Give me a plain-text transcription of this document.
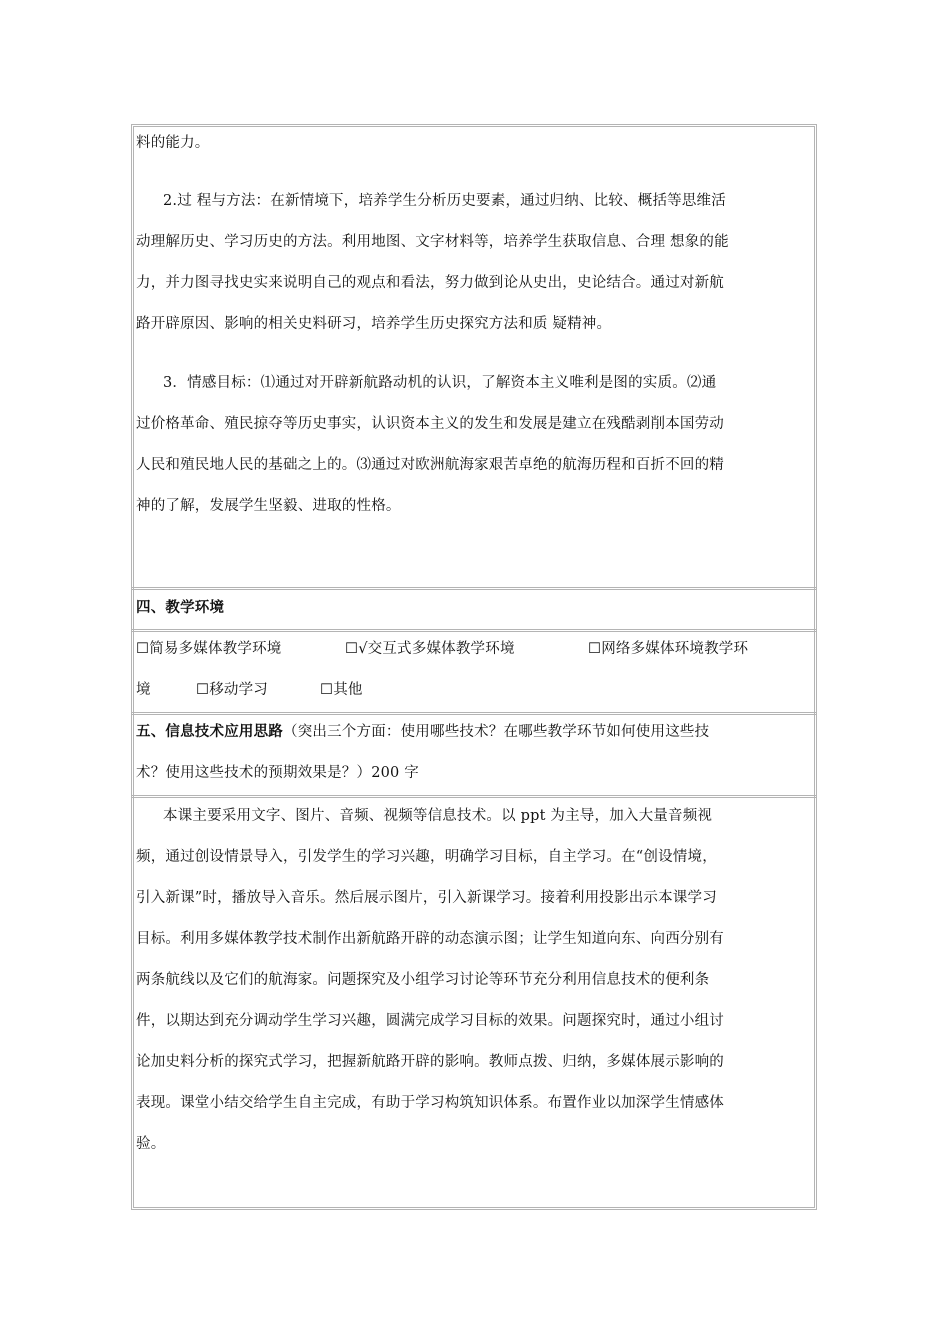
料的能力。
2.过 程与方法：在新情境下，培养学生分析历史要素，通过归纳、比较、概括等思维活
动理解历史、学习历史的方法。利用地图、文字材料等，培养学生获取信息、合理 想象的能
力，并力图寻找史实来说明自己的观点和看法，努力做到论从史出，史论结合。通过对新航
路开辟原因、影响的相关史料研习，培养学生历史探究方法和质 疑精神。
3．情感目标：⑴通过对开辟新航路动机的认识，了解资本主义唯利是图的实质。⑵通
过价格革命、殖民掠夺等历史事实，认识资本主义的发生和发展是建立在残酷剥削本国劳动
人民和殖民地人民的基础之上的。⑶通过对欧洲航海家艰苦卓绝的航海历程和百折不回的精
神的了解，发展学生坚毅、进取的性格。
四、教学环境
☐简易多媒体教学环境	☐√交互式多媒体教学环境	☐网络多媒体环境教学环
境	☐移动学习	☐其他
五、信息技术应用思路（突出三个方面：使用哪些技术？在哪些教学环节如何使用这些技
术？使用这些技术的预期效果是？）200 字
本课主要采用文字、图片、音频、视频等信息技术。以 ppt 为主导，加入大量音频视
频，通过创设情景导入，引发学生的学习兴趣，明确学习目标，自主学习。在“创设情境，
引入新课”时，播放导入音乐。然后展示图片，引入新课学习。接着利用投影出示本课学习
目标。利用多媒体教学技术制作出新航路开辟的动态演示图；让学生知道向东、向西分别有
两条航线以及它们的航海家。问题探究及小组学习讨论等环节充分利用信息技术的便利条
件，以期达到充分调动学生学习兴趣，圆满完成学习目标的效果。问题探究时，通过小组讨
论加史料分析的探究式学习，把握新航路开辟的影响。教师点拨、归纳，多媒体展示影响的
表现。课堂小结交给学生自主完成，有助于学习构筑知识体系。布置作业以加深学生情感体
验。
